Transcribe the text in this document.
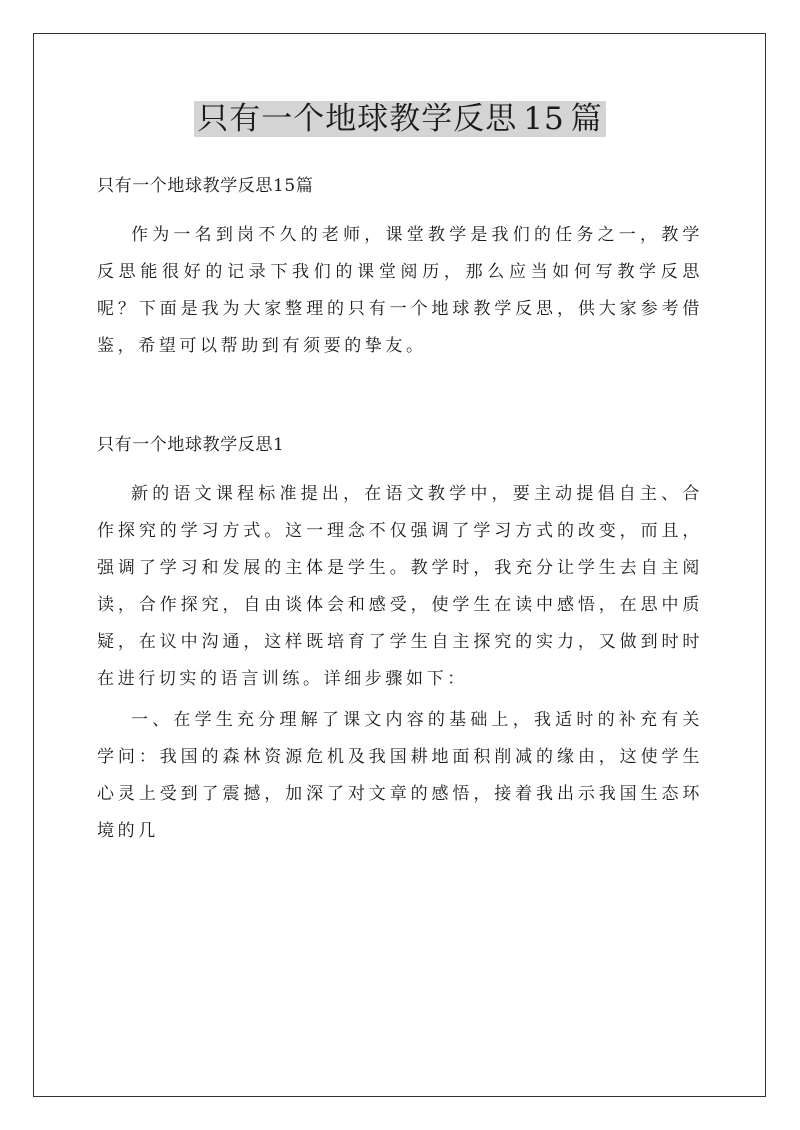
只有一个地球教学反思 15 篇

只有一个地球教学反思15篇

作为一名到岗不久的老师，课堂教学是我们的任务之一，教学反思能很好的记录下我们的课堂阅历，那么应当如何写教学反思呢？下面是我为大家整理的只有一个地球教学反思，供大家参考借鉴，希望可以帮助到有须要的挚友。

只有一个地球教学反思1

新的语文课程标准提出，在语文教学中，要主动提倡自主、合作探究的学习方式。这一理念不仅强调了学习方式的改变，而且，强调了学习和发展的主体是学生。教学时，我充分让学生去自主阅读，合作探究，自由谈体会和感受，使学生在读中感悟，在思中质疑，在议中沟通，这样既培育了学生自主探究的实力，又做到时时在进行切实的语言训练。详细步骤如下：

一、在学生充分理解了课文内容的基础上，我适时的补充有关学问：我国的森林资源危机及我国耕地面积削减的缘由，这使学生心灵上受到了震撼，加深了对文章的感悟，接着我出示我国生态环境的几
